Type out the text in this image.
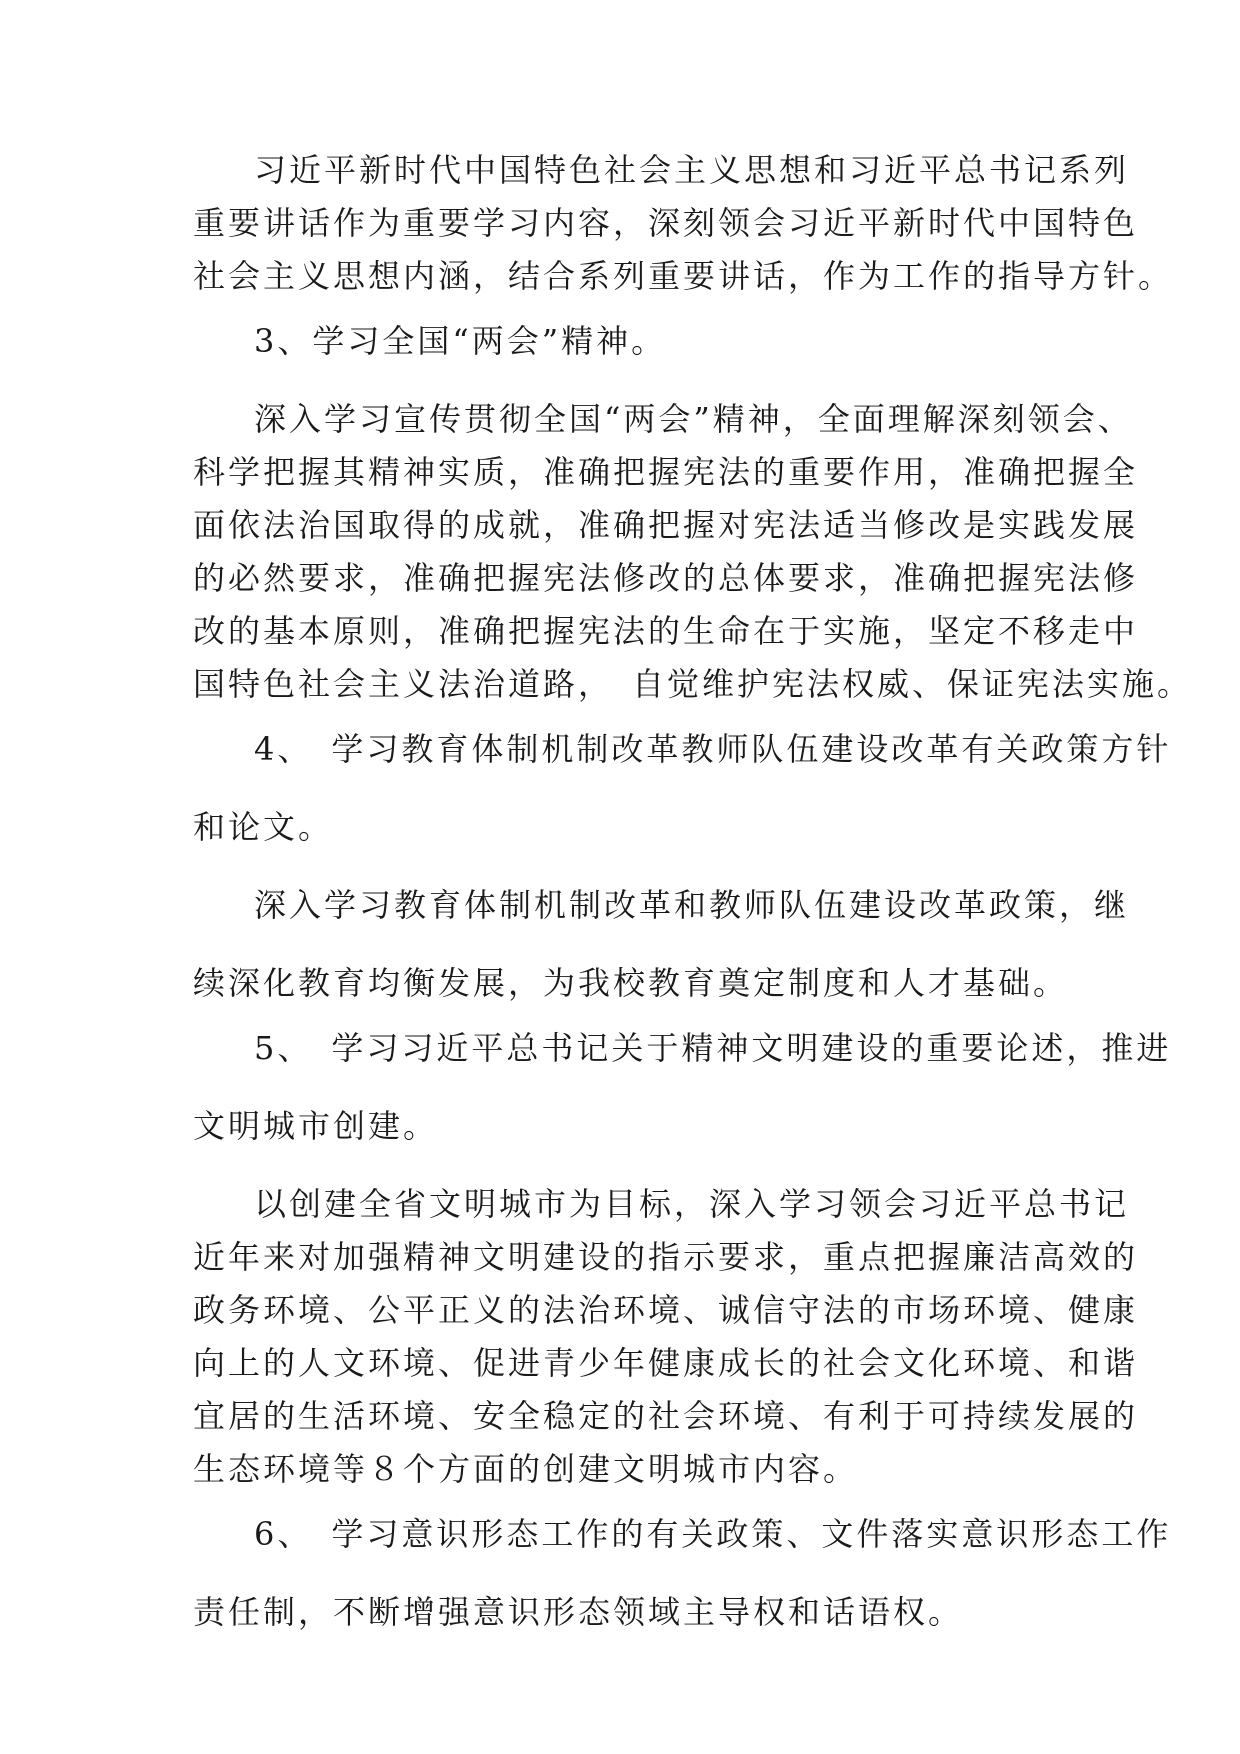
习近平新时代中国特色社会主义思想和习近平总书记系列
重要讲话作为重要学习内容，深刻领会习近平新时代中国特色
社会主义思想内涵，结合系列重要讲话，作为工作的指导方针。
3、学习全国“两会”精神。
深入学习宣传贯彻全国“两会”精神，全面理解深刻领会、
科学把握其精神实质，准确把握宪法的重要作用，准确把握全
面依法治国取得的成就，准确把握对宪法适当修改是实践发展
的必然要求，准确把握宪法修改的总体要求，准确把握宪法修
改的基本原则，准确把握宪法的生命在于实施，坚定不移走中
国特色社会主义法治道路，　自觉维护宪法权威、保证宪法实施。
4、　学习教育体制机制改革教师队伍建设改革有关政策方针
和论文。
深入学习教育体制机制改革和教师队伍建设改革政策，继
续深化教育均衡发展，为我校教育奠定制度和人才基础。
5、　学习习近平总书记关于精神文明建设的重要论述，推进
文明城市创建。
以创建全省文明城市为目标，深入学习领会习近平总书记
近年来对加强精神文明建设的指示要求，重点把握廉洁高效的
政务环境、公平正义的法治环境、诚信守法的市场环境、健康
向上的人文环境、促进青少年健康成长的社会文化环境、和谐
宜居的生活环境、安全稳定的社会环境、有利于可持续发展的
生态环境等８个方面的创建文明城市内容。
6、　学习意识形态工作的有关政策、文件落实意识形态工作
责任制，不断增强意识形态领域主导权和话语权。
